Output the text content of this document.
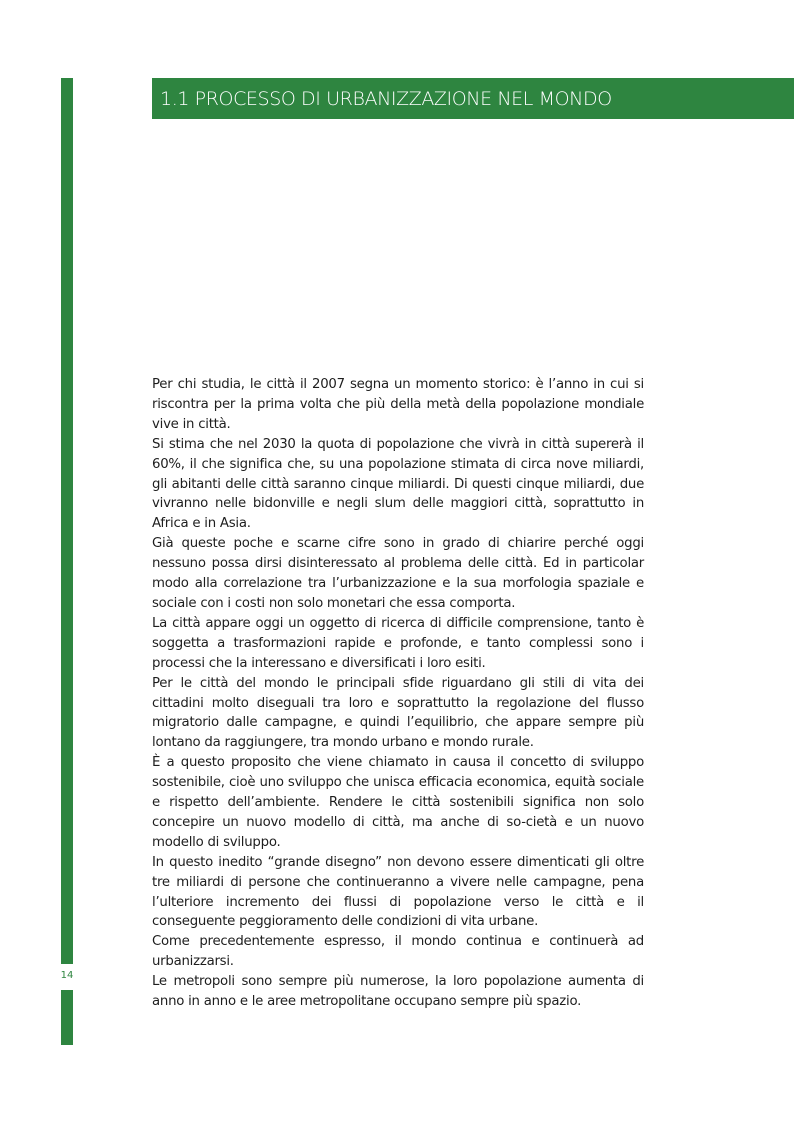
14
1.1 PROCESSO DI URBANIZZAZIONE NEL MONDO

Per chi studia, le città il 2007 segna un momento storico: è l’anno in cui si riscontra per la prima volta che più della metà della popolazione mondiale vive in città.

Si stima che nel 2030 la quota di popolazione che vivrà in città supererà il 60%, il che significa che, su una popolazione stimata di circa nove miliardi, gli abitanti delle città saranno cinque miliardi. Di questi cinque miliardi, due vivranno nelle bidonville e negli slum delle maggiori città, soprattutto in Africa e in Asia.

Già queste poche e scarne cifre sono in grado di chiarire perché oggi nessuno possa dirsi disinteressato al problema delle città. Ed in particolar modo alla correlazione tra l’urbanizzazione e la sua morfologia spaziale e sociale con i costi non solo monetari che essa comporta.

La città appare oggi un oggetto di ricerca di difficile comprensione, tanto è soggetta a trasformazioni rapide e profonde, e tanto complessi sono i processi che la interessano e diversificati i loro esiti.

Per le città del mondo le principali sfide riguardano gli stili di vita dei cittadini molto diseguali tra loro e soprattutto la regolazione del flusso migratorio dalle campagne, e quindi l’equilibrio, che appare sempre più lontano da raggiungere, tra mondo urbano e mondo rurale.

È a questo proposito che viene chiamato in causa il concetto di sviluppo sostenibile, cioè uno sviluppo che unisca efficacia economica, equità sociale e rispetto dell’ambiente. Rendere le città sostenibili significa non solo concepire un nuovo modello di città, ma anche di so-cietà e un nuovo modello di sviluppo.

In questo inedito “grande disegno” non devono essere dimenticati gli oltre tre miliardi di persone che continueranno a vivere nelle campagne, pena l’ulteriore incremento dei flussi di popolazione verso le città e il conseguente peggioramento delle condizioni di vita urbane.

Come precedentemente espresso, il mondo continua e continuerà ad urbanizzarsi.

Le metropoli sono sempre più numerose, la loro popolazione aumenta di anno in anno e le aree metropolitane occupano sempre più spazio.
